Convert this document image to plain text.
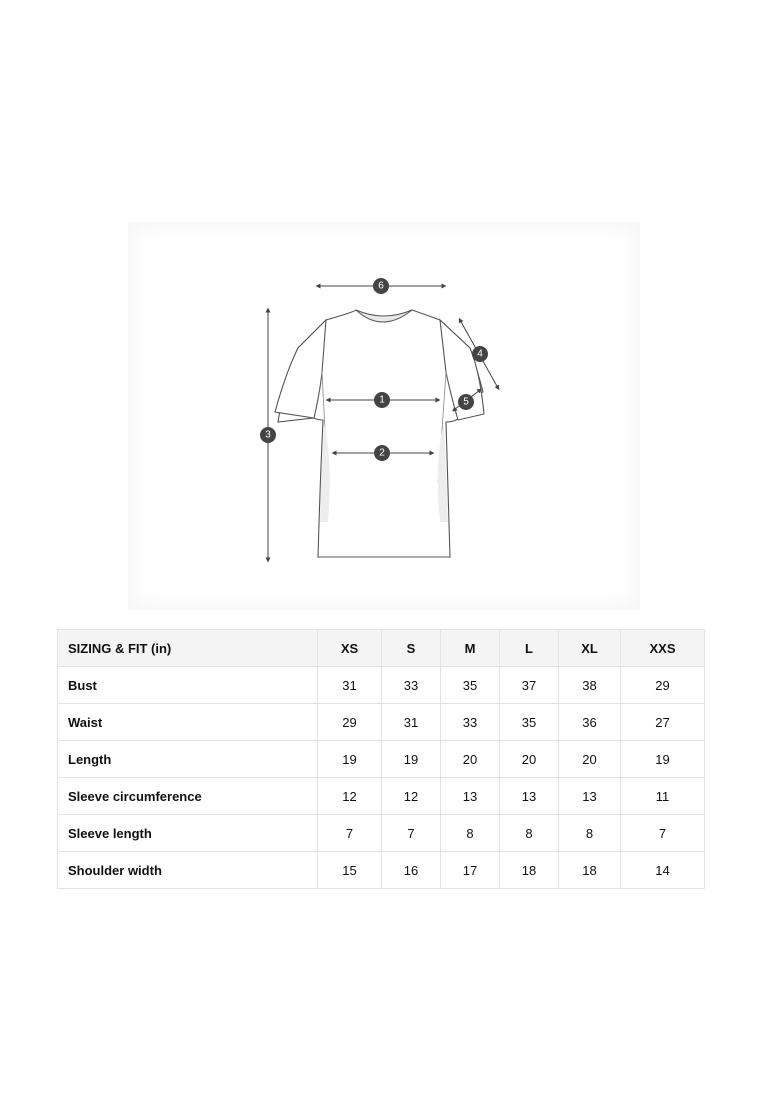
1
2
3
4
5
6
SIZING & FIT (in)	XS	S	M	L	XL	XXS
Bust	31	33	35	37	38	29
Waist	29	31	33	35	36	27
Length	19	19	20	20	20	19
Sleeve circumference	12	12	13	13	13	11
Sleeve length	7	7	8	8	8	7
Shoulder width	15	16	17	18	18	14
